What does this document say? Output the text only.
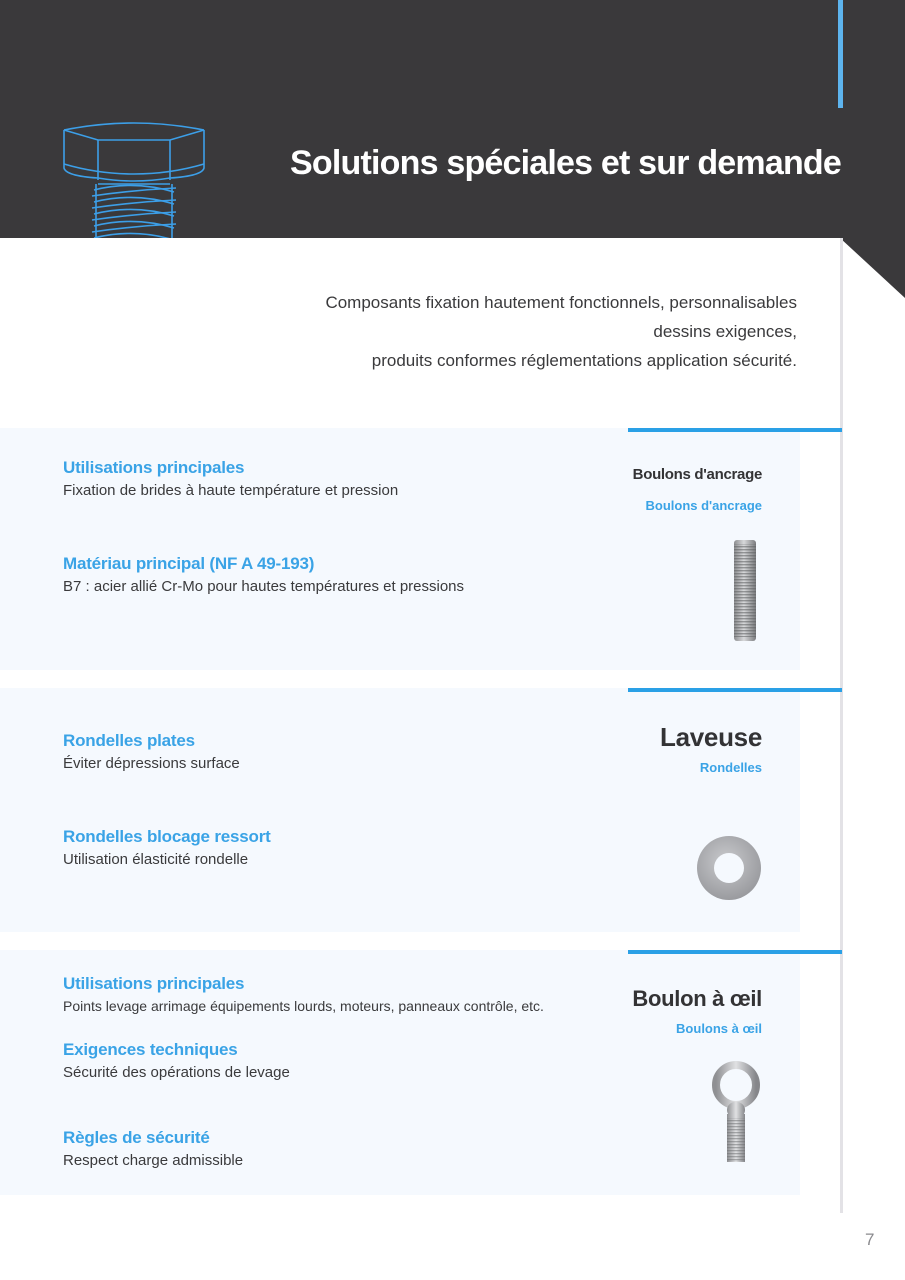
Solutions spéciales et sur demande
Composants fixation hautement fonctionnels, personnalisables
dessins exigences,
produits conformes réglementations application sécurité.
Utilisations principales
Fixation de brides à haute température et pression
Matériau principal (NF A 49-193)
B7 : acier allié Cr-Mo pour hautes températures et pressions
Boulons d'ancrage
Boulons d'ancrage
Rondelles plates
Éviter dépressions surface
Rondelles blocage ressort
Utilisation élasticité rondelle
Laveuse
Rondelles
Utilisations principales
Points levage arrimage équipements lourds, moteurs, panneaux contrôle, etc.
Exigences techniques
Sécurité des opérations de levage
Règles de sécurité
Respect charge admissible
Boulon à œil
Boulons à œil
7
